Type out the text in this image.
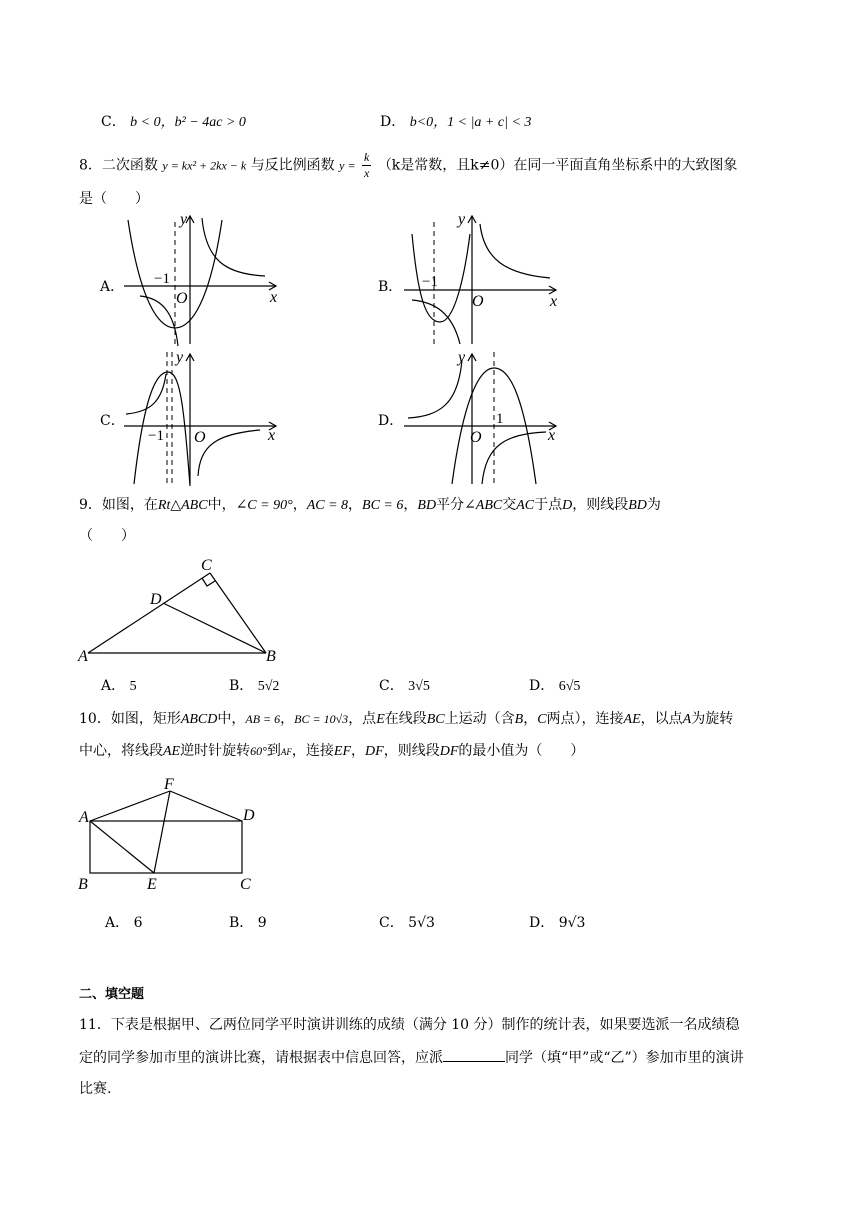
C． b < 0，b² − 4ac > 0	D． b<0，1 < |a + c| < 3
8．二次函数 y = kx² + 2kx − k 与反比例函数 $y = \frac{k}{x} (k$是常数，且k≠0）在同一平面直角坐标系中的大致图象
是（　　）
A．	B．
C．	D．
x
y
O
−1
x
y
O
−1
x
y
O
−1	x
y
O
1
9．如图，在Rt△ABC中，∠C = 90°，AC = 8，BC = 6，BD平分∠ABC交AC于点D，则线段BD为
（　　）
A	B
C
D
A． 5	B． 5√2	C． 3√5	D． 6√5
10．如图，矩形ABCD中，AB = 6，BC = 10√3，点E在线段BC上运动（含B，C两点），连接AE，以点A为旋转
中心，将线段AE逆时针旋转60°到AF，连接EF，DF，则线段DF的最小值为（　　）
A
B	C
D
E
F
A． 6	B． 9	C． 5√3	D． 9√3
二、填空题
11．下表是根据甲、乙两位同学平时演讲训练的成绩（满分 10 分）制作的统计表，如果要选派一名成绩稳
定的同学参加市里的演讲比赛，请根据表中信息回答，应派	同学（填“甲”或“乙”）参加市里的演讲
比赛.
